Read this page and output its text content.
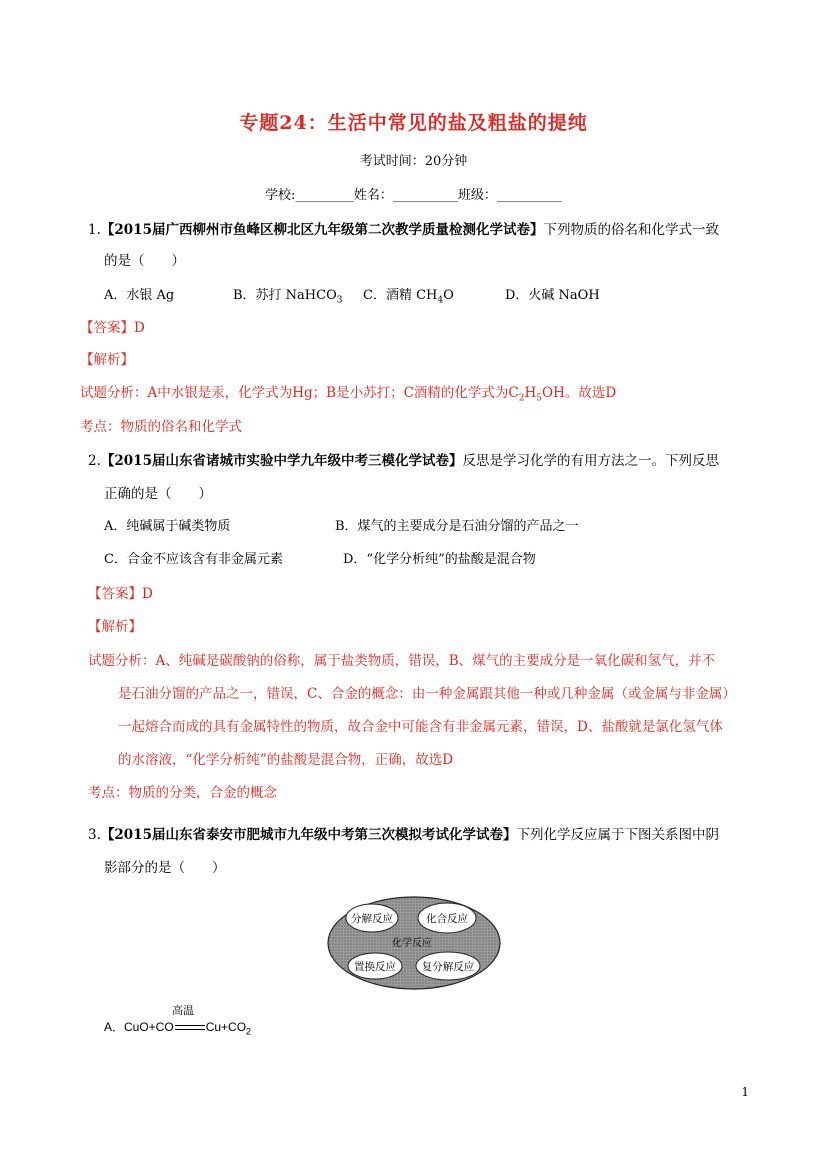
专题24：生活中常见的盐及粗盐的提纯
考试时间：20分钟
学校:_________姓名：__________班级：__________
1.【2015届广西柳州市鱼峰区柳北区九年级第二次教学质量检测化学试卷】下列物质的俗名和化学式一致
的是（　　）
A．水银 Ag	B．苏打 NaHCO$_3$ C．酒精 $CH_4O$	D．火碱 NaOH
【答案】D
【解析】
试题分析：A中水银是汞，化学式为Hg；B是小苏打；C酒精的化学式为$C_2H_5OH$。故选D
考点：物质的俗名和化学式
2.【2015届山东省诸城市实验中学九年级中考三模化学试卷】反思是学习化学的有用方法之一。下列反思
正确的是（　　）
A．纯碱属于碱类物质	B．煤气的主要成分是石油分馏的产品之一
C．合金不应该含有非金属元素	D．“化学分析纯”的盐酸是混合物
【答案】D
【解析】
试题分析：A、纯碱是碳酸钠的俗称，属于盐类物质，错误，B、煤气的主要成分是一氧化碳和氢气，并不
是石油分馏的产品之一，错误，C、合金的概念：由一种金属跟其他一种或几种金属（或金属与非金属）
一起熔合而成的具有金属特性的物质，故合金中可能含有非金属元素，错误，D、盐酸就是氯化氢气体
的水溶液，“化学分析纯”的盐酸是混合物，正确，故选D
考点：物质的分类，合金的概念
3.【2015届山东省泰安市肥城市九年级中考第三次模拟考试化学试卷】下列化学反应属于下图关系图中阴
影部分的是（　　）
分解反应	化合反应
化学反应
置换反应 复分解反应
高温
A．CuO+CO	$Cu+CO_2$
1
